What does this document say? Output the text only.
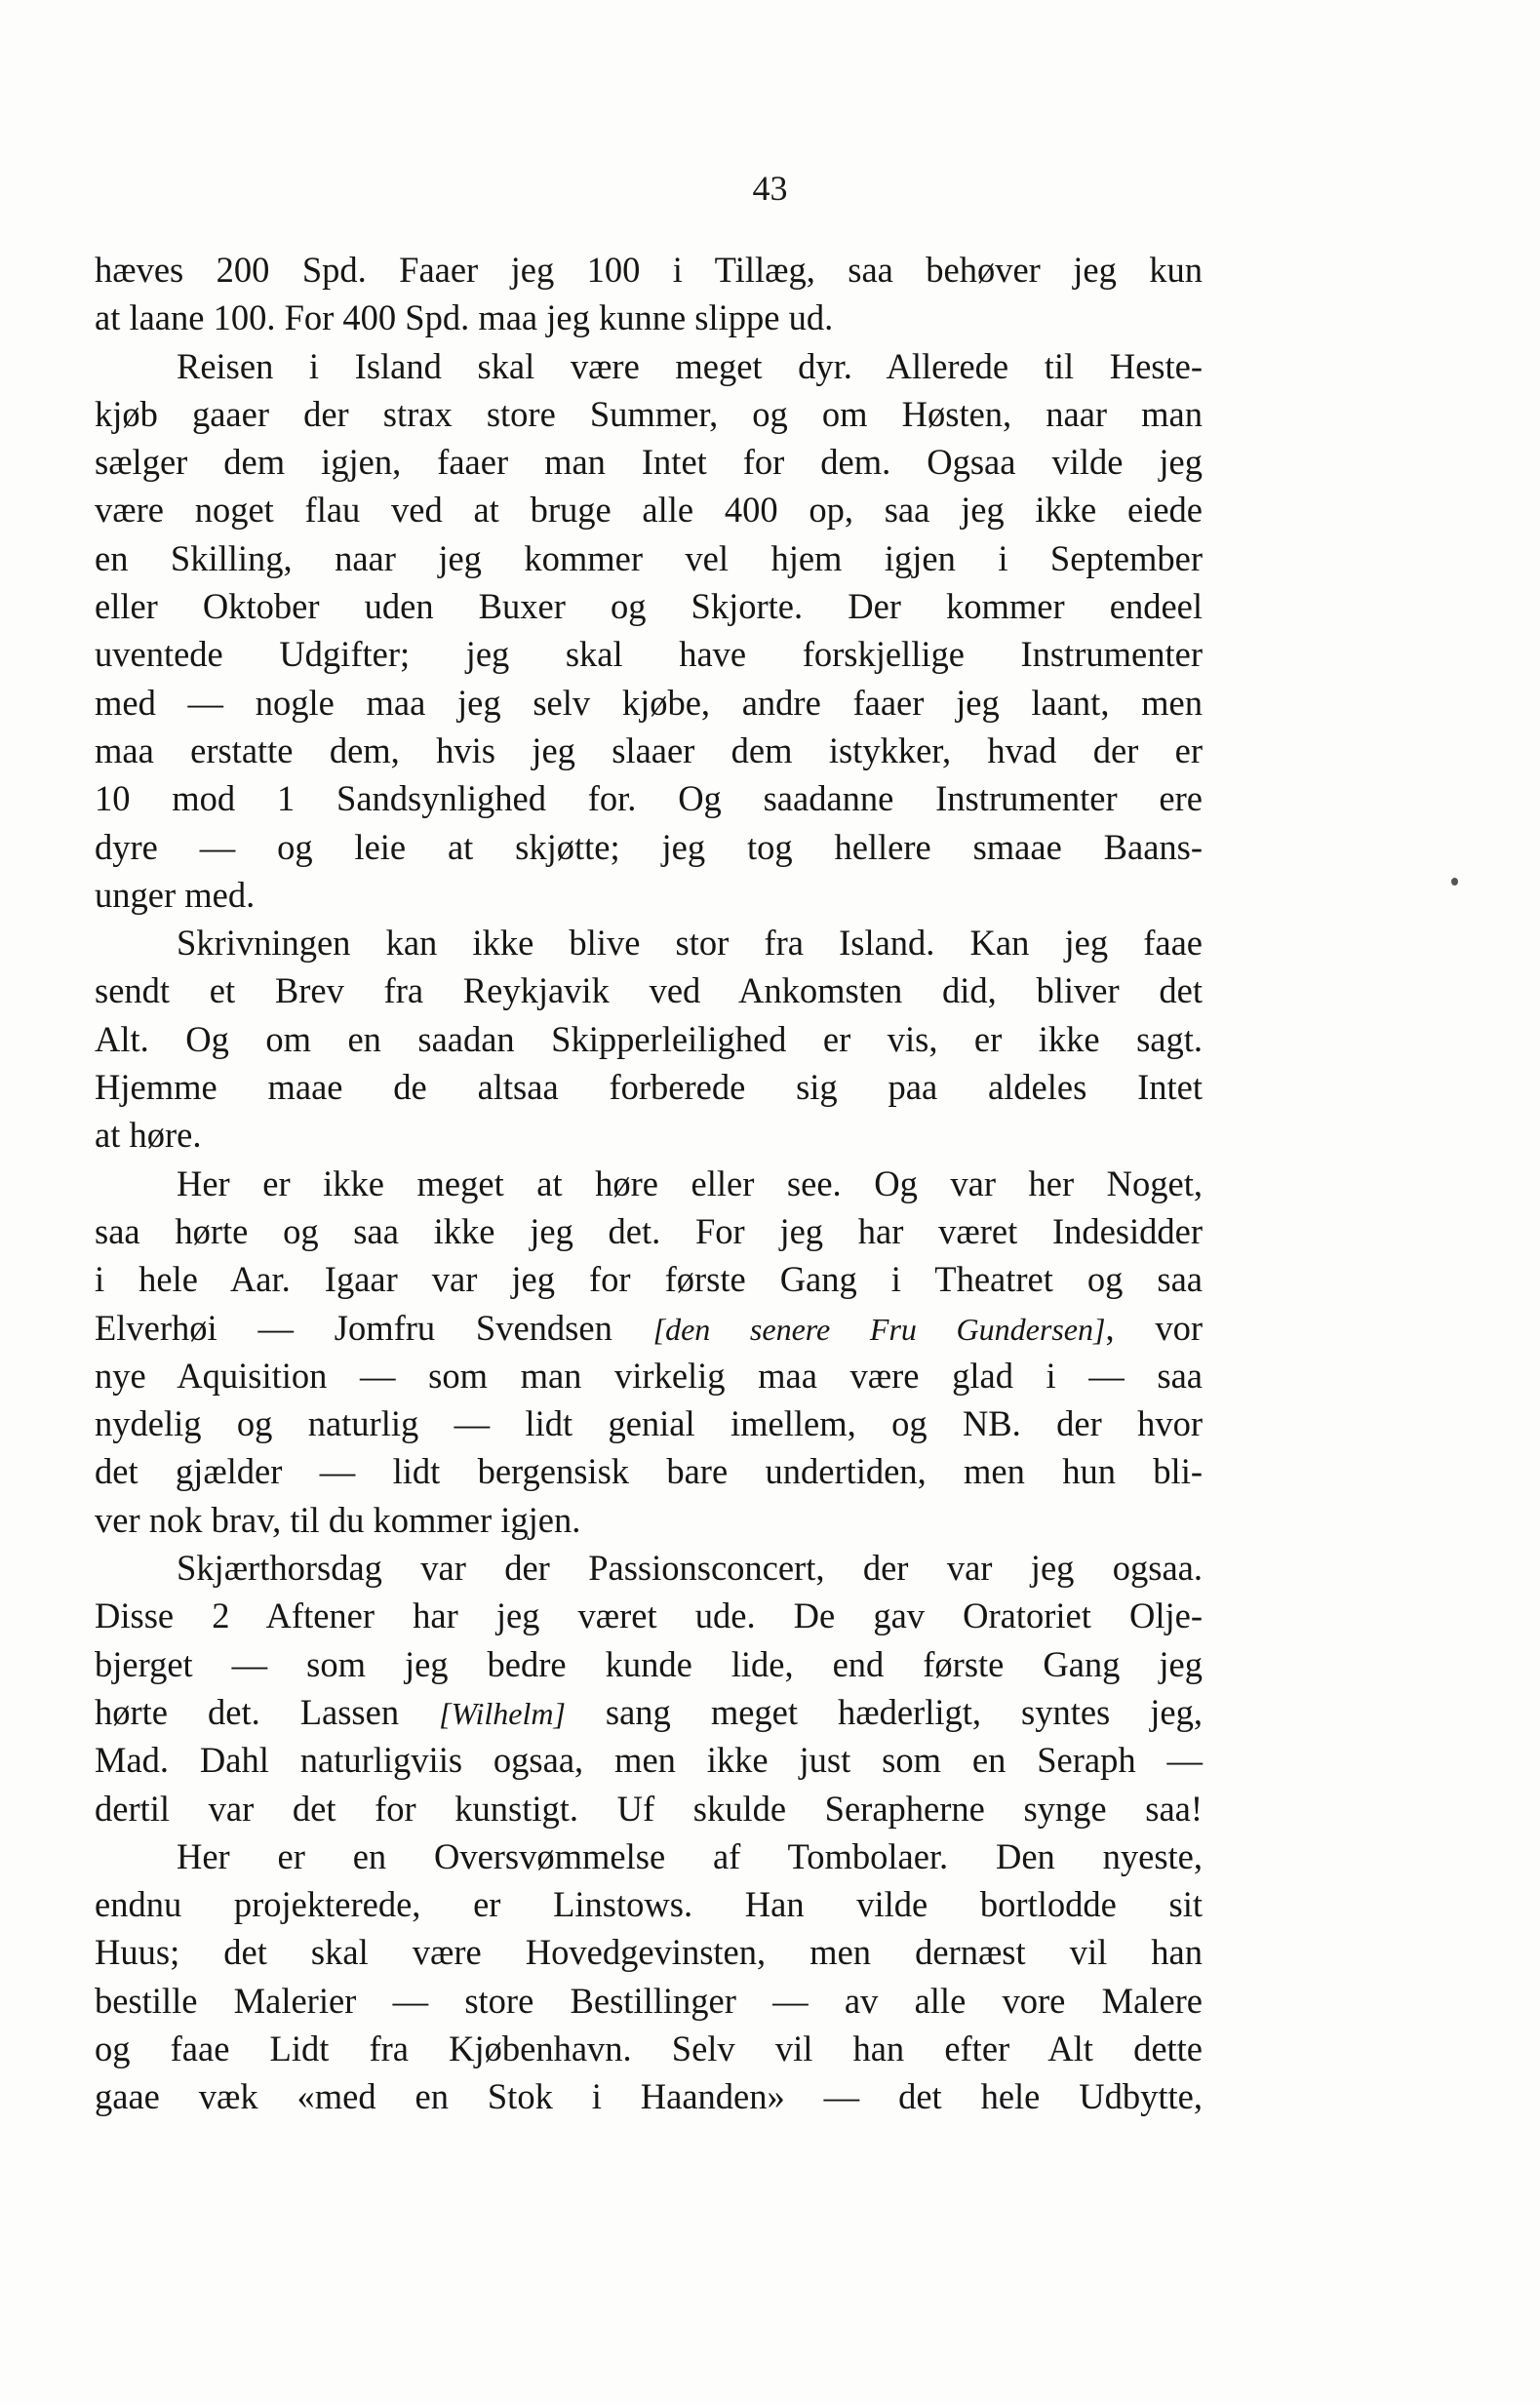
43
hæves 200 Spd. Faaer jeg 100 i Tillæg, saa behøver jeg kun
at laane 100. For 400 Spd. maa jeg kunne slippe ud.
Reisen i Island skal være meget dyr. Allerede til Heste-
kjøb gaaer der strax store Summer, og om Høsten, naar man
sælger dem igjen, faaer man Intet for dem. Ogsaa vilde jeg
være noget flau ved at bruge alle 400 op, saa jeg ikke eiede
en Skilling, naar jeg kommer vel hjem igjen i September
eller Oktober uden Buxer og Skjorte. Der kommer endeel
uventede Udgifter; jeg skal have forskjellige Instrumenter
med — nogle maa jeg selv kjøbe, andre faaer jeg laant, men
maa erstatte dem, hvis jeg slaaer dem istykker, hvad der er
10 mod 1 Sandsynlighed for. Og saadanne Instrumenter ere
dyre — og leie at skjøtte; jeg tog hellere smaae Baans-
unger med.
Skrivningen kan ikke blive stor fra Island. Kan jeg faae
sendt et Brev fra Reykjavik ved Ankomsten did, bliver det
Alt. Og om en saadan Skipperleilighed er vis, er ikke sagt.
Hjemme maae de altsaa forberede sig paa aldeles Intet
at høre.
Her er ikke meget at høre eller see. Og var her Noget,
saa hørte og saa ikke jeg det. For jeg har været Indesidder
i hele Aar. Igaar var jeg for første Gang i Theatret og saa
Elverhøi — Jomfru Svendsen [den senere Fru Gundersen], vor
nye Aquisition — som man virkelig maa være glad i — saa
nydelig og naturlig — lidt genial imellem, og NB. der hvor
det gjælder — lidt bergensisk bare undertiden, men hun bli-
ver nok brav, til du kommer igjen.
Skjærthorsdag var der Passionsconcert, der var jeg ogsaa.
Disse 2 Aftener har jeg været ude. De gav Oratoriet Olje-
bjerget — som jeg bedre kunde lide, end første Gang jeg
hørte det. Lassen [Wilhelm] sang meget hæderligt, syntes jeg,
Mad. Dahl naturligviis ogsaa, men ikke just som en Seraph —
dertil var det for kunstigt. Uf skulde Serapherne synge saa!
Her er en Oversvømmelse af Tombolaer. Den nyeste,
endnu projekterede, er Linstows. Han vilde bortlodde sit
Huus; det skal være Hovedgevinsten, men dernæst vil han
bestille Malerier — store Bestillinger — av alle vore Malere
og faae Lidt fra Kjøbenhavn. Selv vil han efter Alt dette
gaae væk «med en Stok i Haanden» — det hele Udbytte,
